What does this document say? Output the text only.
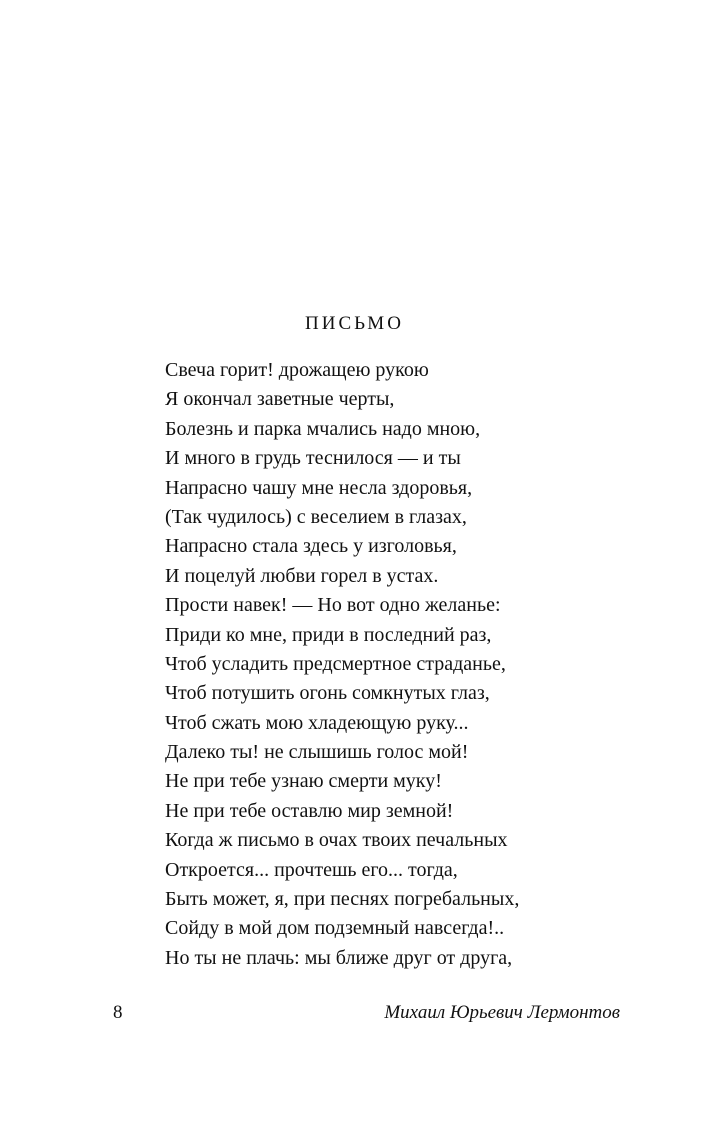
ПИСЬМО
Свеча горит! дрожащею рукою
Я окончал заветные черты,
Болезнь и парка мчались надо мною,
И много в грудь теснилося — и ты
Напрасно чашу мне несла здоровья,
(Так чудилось) с веселием в глазах,
Напрасно стала здесь у изголовья,
И поцелуй любви горел в устах.
Прости навек! — Но вот одно желанье:
Приди ко мне, приди в последний раз,
Чтоб усладить предсмертное страданье,
Чтоб потушить огонь сомкнутых глаз,
Чтоб сжать мою хладеющую руку...
Далеко ты! не слышишь голос мой!
Не при тебе узнаю смерти муку!
Не при тебе оставлю мир земной!
Когда ж письмо в очах твоих печальных
Откроется... прочтешь его... тогда,
Быть может, я, при песнях погребальных,
Сойду в мой дом подземный навсегда!..
Но ты не плачь: мы ближе друг от друга,
8	Михаил Юрьевич Лермонтов
